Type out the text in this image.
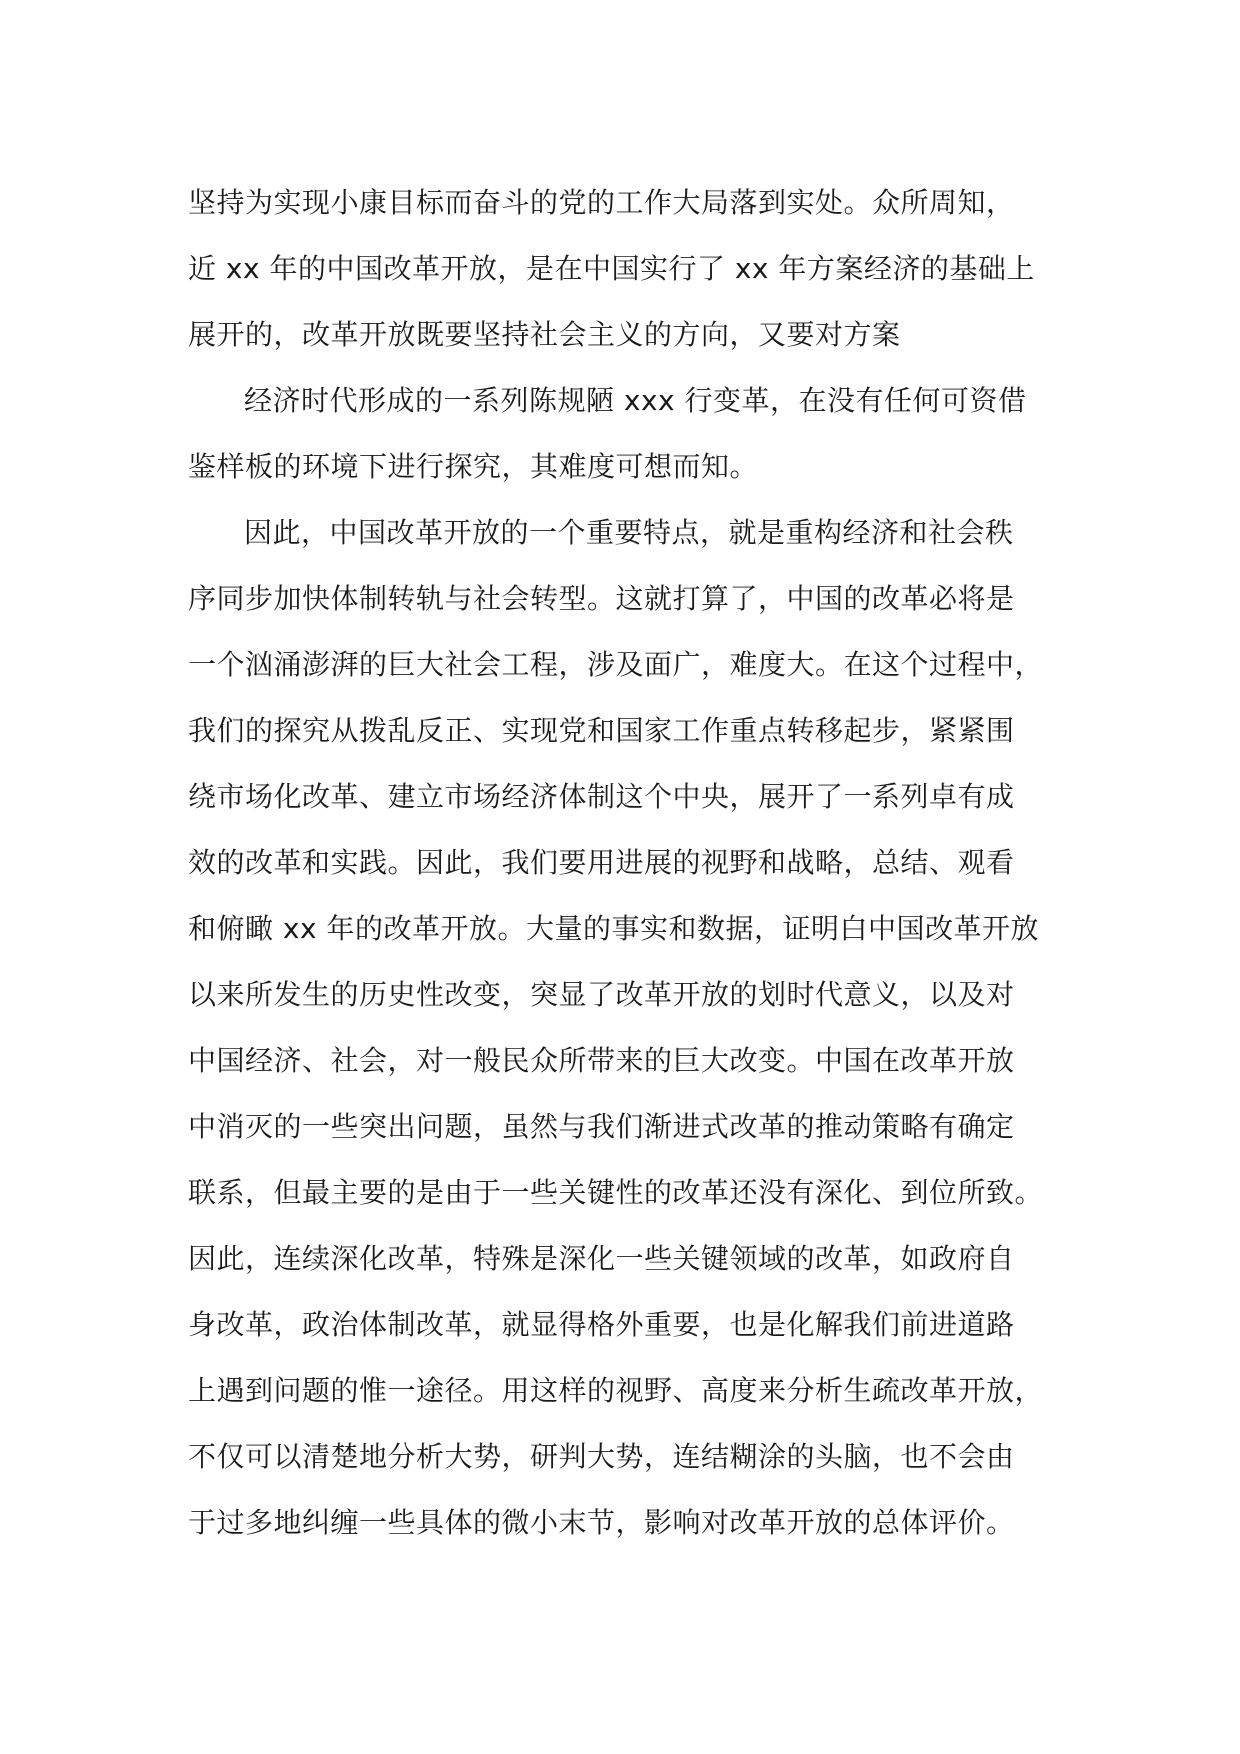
坚持为实现小康目标而奋斗的党的工作大局落到实处。众所周知，
近 xx 年的中国改革开放，是在中国实行了 xx 年方案经济的基础上
展开的，改革开放既要坚持社会主义的方向，又要对方案
经济时代形成的一系列陈规陋 xxx 行变革，在没有任何可资借
鉴样板的环境下进行探究，其难度可想而知。
因此，中国改革开放的一个重要特点，就是重构经济和社会秩
序同步加快体制转轨与社会转型。这就打算了，中国的改革必将是
一个汹涌澎湃的巨大社会工程，涉及面广，难度大。在这个过程中，
我们的探究从拨乱反正、实现党和国家工作重点转移起步，紧紧围
绕市场化改革、建立市场经济体制这个中央，展开了一系列卓有成
效的改革和实践。因此，我们要用进展的视野和战略，总结、观看
和俯瞰 xx 年的改革开放。大量的事实和数据，证明白中国改革开放
以来所发生的历史性改变，突显了改革开放的划时代意义，以及对
中国经济、社会，对一般民众所带来的巨大改变。中国在改革开放
中消灭的一些突出问题，虽然与我们渐进式改革的推动策略有确定
联系，但最主要的是由于一些关键性的改革还没有深化、到位所致。
因此，连续深化改革，特殊是深化一些关键领域的改革，如政府自
身改革，政治体制改革，就显得格外重要，也是化解我们前进道路
上遇到问题的惟一途径。用这样的视野、高度来分析生疏改革开放，
不仅可以清楚地分析大势，研判大势，连结糊涂的头脑，也不会由
于过多地纠缠一些具体的微小末节，影响对改革开放的总体评价。
